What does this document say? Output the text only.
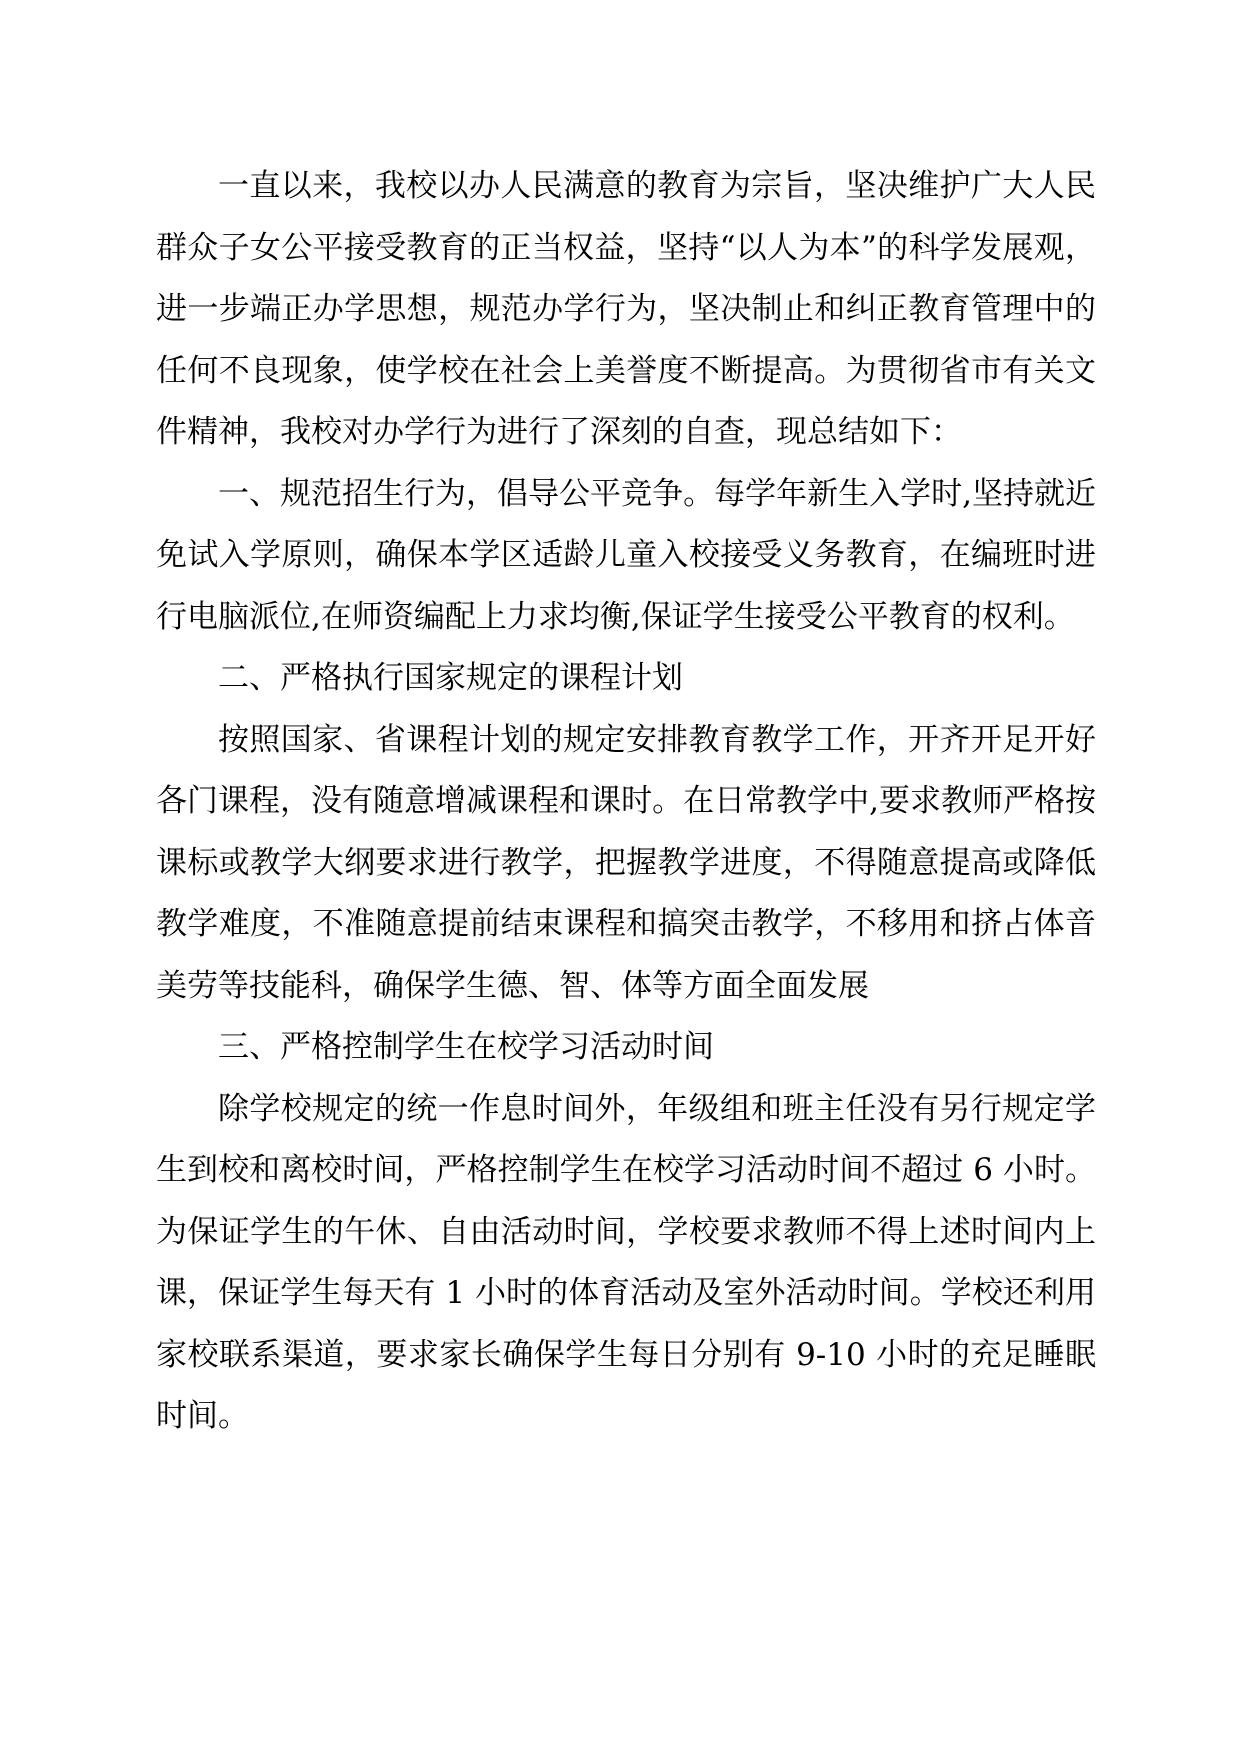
一直以来，我校以办人民满意的教育为宗旨，坚决维护广大人民群众子女公平接受教育的正当权益，坚持“以人为本”的科学发展观，进一步端正办学思想，规范办学行为，坚决制止和纠正教育管理中的任何不良现象，使学校在社会上美誉度不断提高。为贯彻省市有关文件精神，我校对办学行为进行了深刻的自查，现总结如下：

一、规范招生行为，倡导公平竞争。每学年新生入学时,坚持就近免试入学原则，确保本学区适龄儿童入校接受义务教育，在编班时进行电脑派位,在师资编配上力求均衡,保证学生接受公平教育的权利。

二、严格执行国家规定的课程计划

按照国家、省课程计划的规定安排教育教学工作，开齐开足开好各门课程，没有随意增减课程和课时。在日常教学中,要求教师严格按课标或教学大纲要求进行教学，把握教学进度，不得随意提高或降低教学难度，不准随意提前结束课程和搞突击教学，不移用和挤占体音美劳等技能科，确保学生德、智、体等方面全面发展

三、严格控制学生在校学习活动时间

除学校规定的统一作息时间外，年级组和班主任没有另行规定学生到校和离校时间，严格控制学生在校学习活动时间不超过 6 小时。为保证学生的午休、自由活动时间，学校要求教师不得上述时间内上课，保证学生每天有 1 小时的体育活动及室外活动时间。学校还利用家校联系渠道，要求家长确保学生每日分别有 9-10 小时的充足睡眠时间。
